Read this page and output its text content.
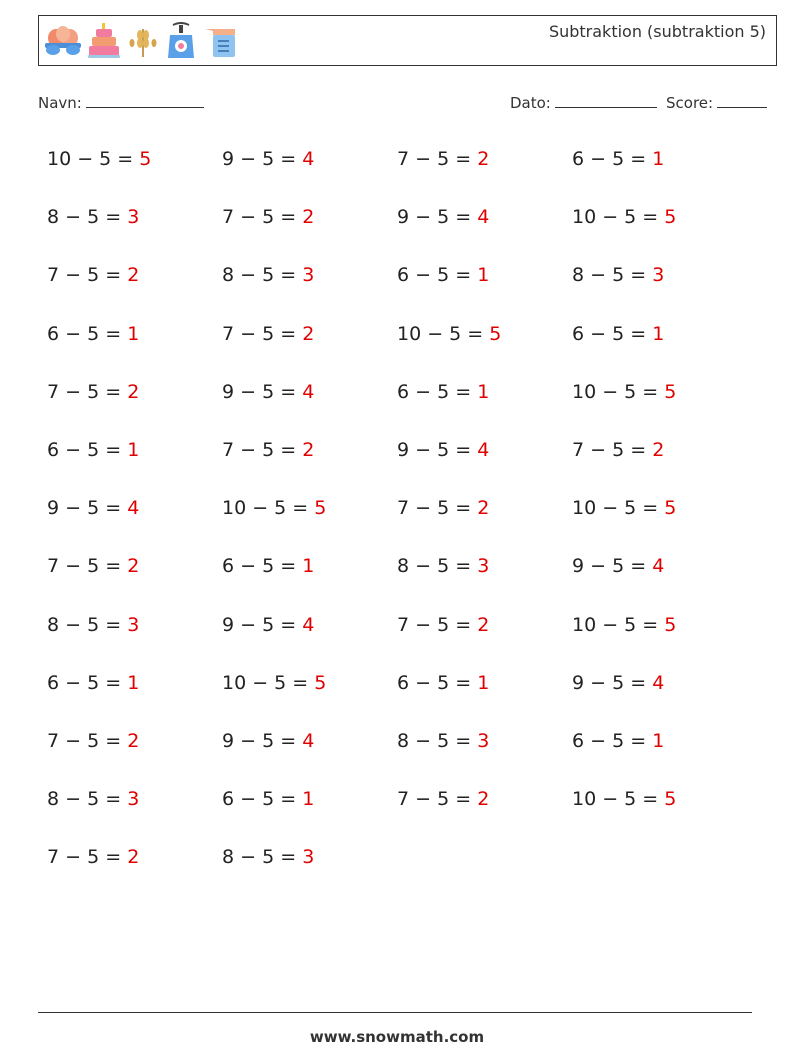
Subtraktion (subtraktion 5)
Navn:	Dato:	Score:
10 − 5 = 5	9 − 5 = 4	7 − 5 = 2	6 − 5 = 1
8 − 5 = 3	7 − 5 = 2	9 − 5 = 4	10 − 5 = 5
7 − 5 = 2	8 − 5 = 3	6 − 5 = 1	8 − 5 = 3
6 − 5 = 1	7 − 5 = 2	10 − 5 = 5	6 − 5 = 1
7 − 5 = 2	9 − 5 = 4	6 − 5 = 1	10 − 5 = 5
6 − 5 = 1	7 − 5 = 2	9 − 5 = 4	7 − 5 = 2
9 − 5 = 4	10 − 5 = 5	7 − 5 = 2	10 − 5 = 5
7 − 5 = 2	6 − 5 = 1	8 − 5 = 3	9 − 5 = 4
8 − 5 = 3	9 − 5 = 4	7 − 5 = 2	10 − 5 = 5
6 − 5 = 1	10 − 5 = 5	6 − 5 = 1	9 − 5 = 4
7 − 5 = 2	9 − 5 = 4	8 − 5 = 3	6 − 5 = 1
8 − 5 = 3	6 − 5 = 1	7 − 5 = 2	10 − 5 = 5
7 − 5 = 2	8 − 5 = 3
www.snowmath.com
